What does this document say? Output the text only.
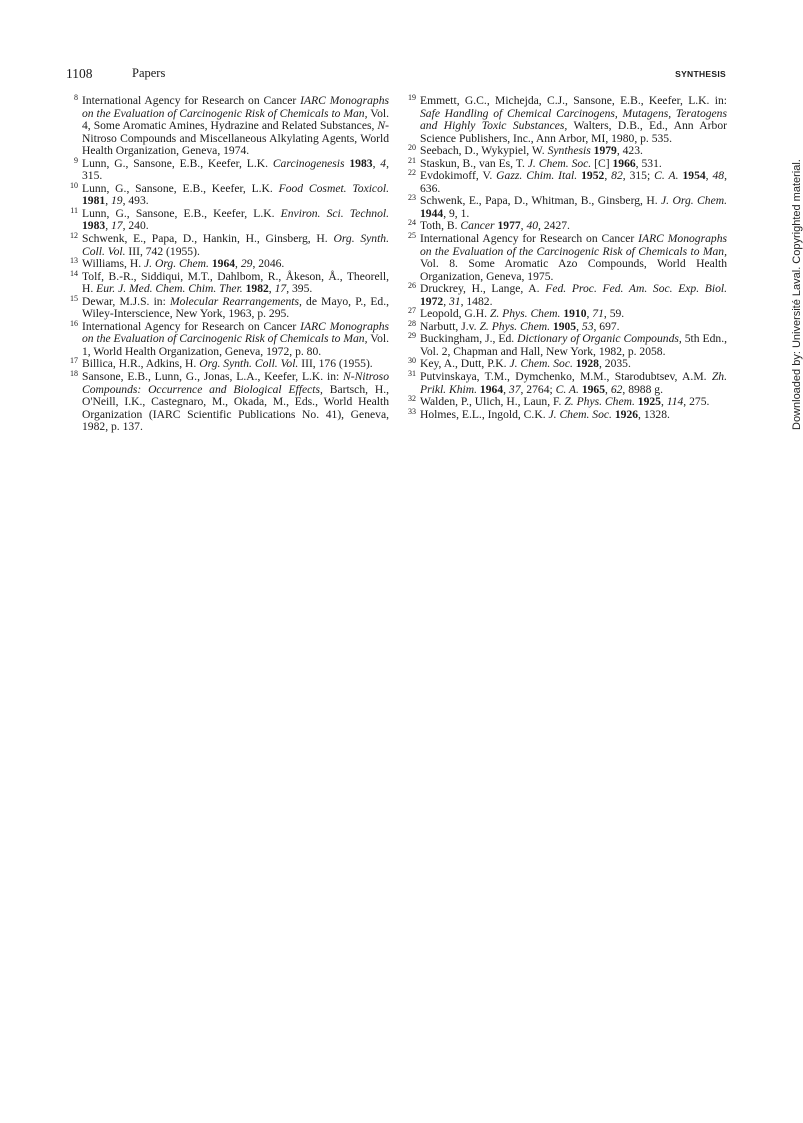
1108	Papers	SYNTHESIS
8 International Agency for Research on Cancer IARC Monographs on the Evaluation of Carcinogenic Risk of Chemicals to Man, Vol. 4, Some Aromatic Amines, Hydrazine and Related Substances, N-Nitroso Compounds and Miscellaneous Alkylating Agents, World Health Organization, Geneva, 1974.
9 Lunn, G., Sansone, E.B., Keefer, L.K. Carcinogenesis 1983, 4, 315.
10 Lunn, G., Sansone, E.B., Keefer, L.K. Food Cosmet. Toxicol. 1981, 19, 493.
11 Lunn, G., Sansone, E.B., Keefer, L.K. Environ. Sci. Technol. 1983, 17, 240.
12 Schwenk, E., Papa, D., Hankin, H., Ginsberg, H. Org. Synth. Coll. Vol. III, 742 (1955).
13 Williams, H. J. Org. Chem. 1964, 29, 2046.
14 Tolf, B.-R., Siddiqui, M.T., Dahlbom, R., Åkeson, Å., Theorell, H. Eur. J. Med. Chem. Chim. Ther. 1982, 17, 395.
15 Dewar, M.J.S. in: Molecular Rearrangements, de Mayo, P., Ed., Wiley-Interscience, New York, 1963, p. 295.
16 International Agency for Research on Cancer IARC Monographs on the Evaluation of Carcinogenic Risk of Chemicals to Man, Vol. 1, World Health Organization, Geneva, 1972, p. 80.
17 Billica, H.R., Adkins, H. Org. Synth. Coll. Vol. III, 176 (1955).
18 Sansone, E.B., Lunn, G., Jonas, L.A., Keefer, L.K. in: N-Nitroso Compounds: Occurrence and Biological Effects, Bartsch, H., O'Neill, I.K., Castegnaro, M., Okada, M., Eds., World Health Organization (IARC Scientific Publications No. 41), Geneva, 1982, p. 137.
19 Emmett, G.C., Michejda, C.J., Sansone, E.B., Keefer, L.K. in: Safe Handling of Chemical Carcinogens, Mutagens, Teratogens and Highly Toxic Substances, Walters, D.B., Ed., Ann Arbor Science Publishers, Inc., Ann Arbor, MI, 1980, p. 535.
20 Seebach, D., Wykypiel, W. Synthesis 1979, 423.
21 Staskun, B., van Es, T. J. Chem. Soc. [C] 1966, 531.
22 Evdokimoff, V. Gazz. Chim. Ital. 1952, 82, 315; C. A. 1954, 48, 636.
23 Schwenk, E., Papa, D., Whitman, B., Ginsberg, H. J. Org. Chem. 1944, 9, 1.
24 Toth, B. Cancer 1977, 40, 2427.
25 International Agency for Research on Cancer IARC Monographs on the Evaluation of the Carcinogenic Risk of Chemicals to Man, Vol. 8. Some Aromatic Azo Compounds, World Health Organization, Geneva, 1975.
26 Druckrey, H., Lange, A. Fed. Proc. Fed. Am. Soc. Exp. Biol. 1972, 31, 1482.
27 Leopold, G.H. Z. Phys. Chem. 1910, 71, 59.
28 Narbutt, J.v. Z. Phys. Chem. 1905, 53, 697.
29 Buckingham, J., Ed. Dictionary of Organic Compounds, 5th Edn., Vol. 2, Chapman and Hall, New York, 1982, p. 2058.
30 Key, A., Dutt, P.K. J. Chem. Soc. 1928, 2035.
31 Putvinskaya, T.M., Dymchenko, M.M., Starodubtsev, A.M. Zh. Prikl. Khim. 1964, 37, 2764; C. A. 1965, 62, 8988 g.
32 Walden, P., Ulich, H., Laun, F. Z. Phys. Chem. 1925, 114, 275.
33 Holmes, E.L., Ingold, C.K. J. Chem. Soc. 1926, 1328.	Downloaded by: Université Laval. Copyrighted material.
